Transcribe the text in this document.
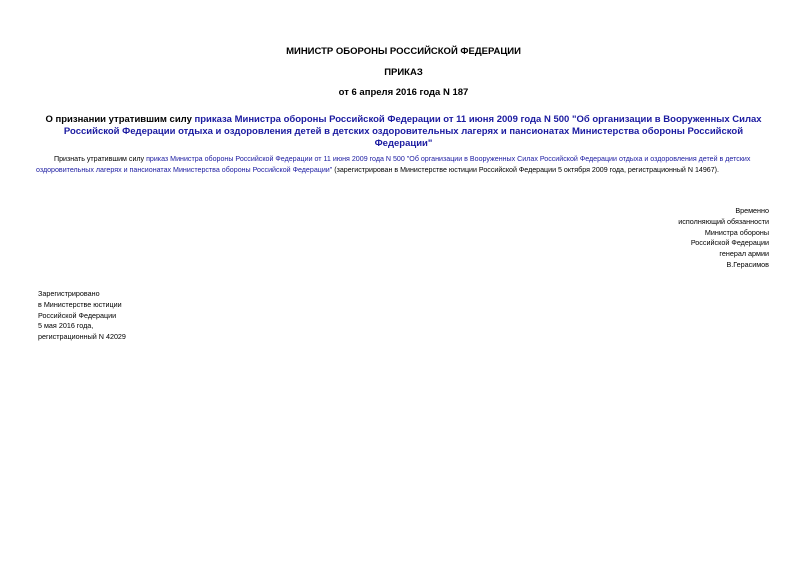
МИНИСТР ОБОРОНЫ РОССИЙСКОЙ ФЕДЕРАЦИИ
ПРИКАЗ
от 6 апреля 2016 года N 187
О признании утратившим силу приказа Министра обороны Российской Федерации от 11 июня 2009 года N 500 "Об организации в Вооруженных Силах Российской Федерации отдыха и оздоровления детей в детских оздоровительных лагерях и пансионатах Министерства обороны Российской Федерации"
Признать утратившим силу приказ Министра обороны Российской Федерации от 11 июня 2009 года N 500 "Об организации в Вооруженных Силах Российской Федерации отдыха и оздоровления детей в детских оздоровительных лагерях и пансионатах Министерства обороны Российской Федерации" (зарегистрирован в Министерстве юстиции Российской Федерации 5 октября 2009 года, регистрационный N 14967).
Временно
исполняющий обязанности
Министра обороны
Российской Федерации
генерал армии
В.Герасимов
Зарегистрировано
в Министерстве юстиции
Российской Федерации
5 мая 2016 года,
регистрационный N 42029
